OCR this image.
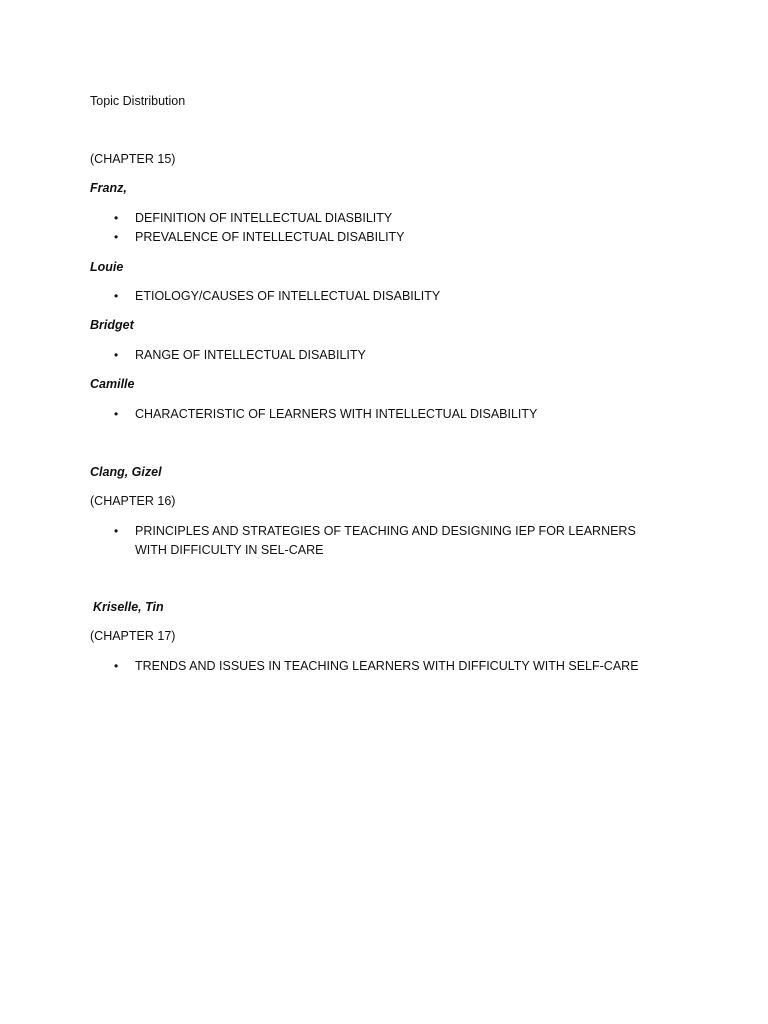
Topic Distribution
(CHAPTER 15)
Franz,
•	DEFINITION OF INTELLECTUAL DIASBILITY
•	PREVALENCE OF INTELLECTUAL DISABILITY
Louie
•	ETIOLOGY/CAUSES OF INTELLECTUAL DISABILITY
Bridget
•	RANGE OF INTELLECTUAL DISABILITY
Camille
•	CHARACTERISTIC OF LEARNERS WITH INTELLECTUAL DISABILITY
Clang, Gizel
(CHAPTER 16)
•	PRINCIPLES AND STRATEGIES OF TEACHING AND DESIGNING IEP FOR LEARNERS WITH DIFFICULTY IN SEL-CARE
Kriselle, Tin
(CHAPTER 17)
•	TRENDS AND ISSUES IN TEACHING LEARNERS WITH DIFFICULTY WITH SELF-CARE
